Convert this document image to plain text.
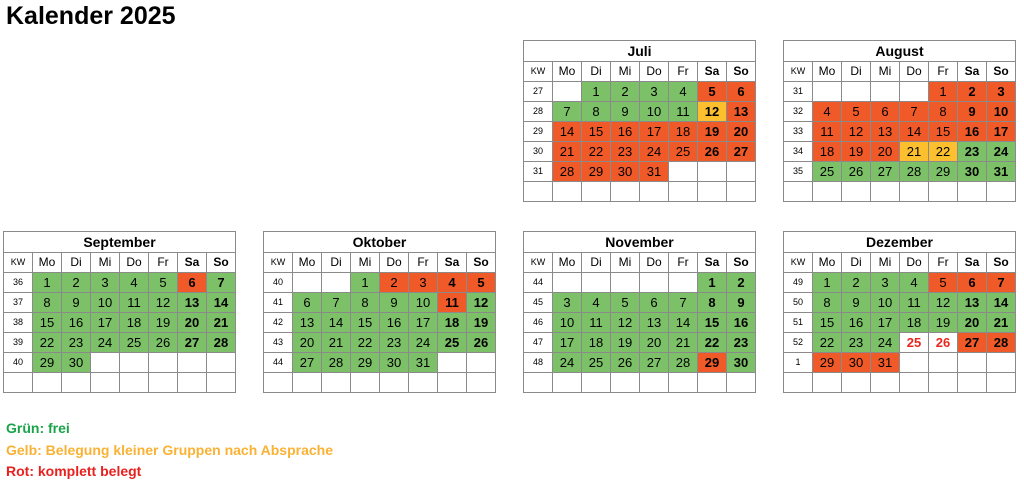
Kalender 2025
Juli							
KW	Mo	Di	Mi	Do	Fr	Sa	So
27		1	2	3	4	5	6
28	7	8	9	10	11	12	13
29	14	15	16	17	18	19	20
30	21	22	23	24	25	26	27
31	28	29	30	31			

August							
KW	Mo	Di	Mi	Do	Fr	Sa	So
31					1	2	3
32	4	5	6	7	8	9	10
33	11	12	13	14	15	16	17
34	18	19	20	21	22	23	24
35	25	26	27	28	29	30	31

September							
KW	Mo	Di	Mi	Do	Fr	Sa	So
36	1	2	3	4	5	6	7
37	8	9	10	11	12	13	14
38	15	16	17	18	19	20	21
39	22	23	24	25	26	27	28
40	29	30					

Oktober							
KW	Mo	Di	Mi	Do	Fr	Sa	So
40			1	2	3	4	5
41	6	7	8	9	10	11	12
42	13	14	15	16	17	18	19
43	20	21	22	23	24	25	26
44	27	28	29	30	31		

November							
KW	Mo	Di	Mi	Do	Fr	Sa	So
44						1	2
45	3	4	5	6	7	8	9
46	10	11	12	13	14	15	16
47	17	18	19	20	21	22	23
48	24	25	26	27	28	29	30

Dezember							
KW	Mo	Di	Mi	Do	Fr	Sa	So
49	1	2	3	4	5	6	7
50	8	9	10	11	12	13	14
51	15	16	17	18	19	20	21
52	22	23	24	25	26	27	28
1	29	30	31				

Grün: frei

Gelb: Belegung kleiner Gruppen nach Absprache

Rot: komplett belegt
